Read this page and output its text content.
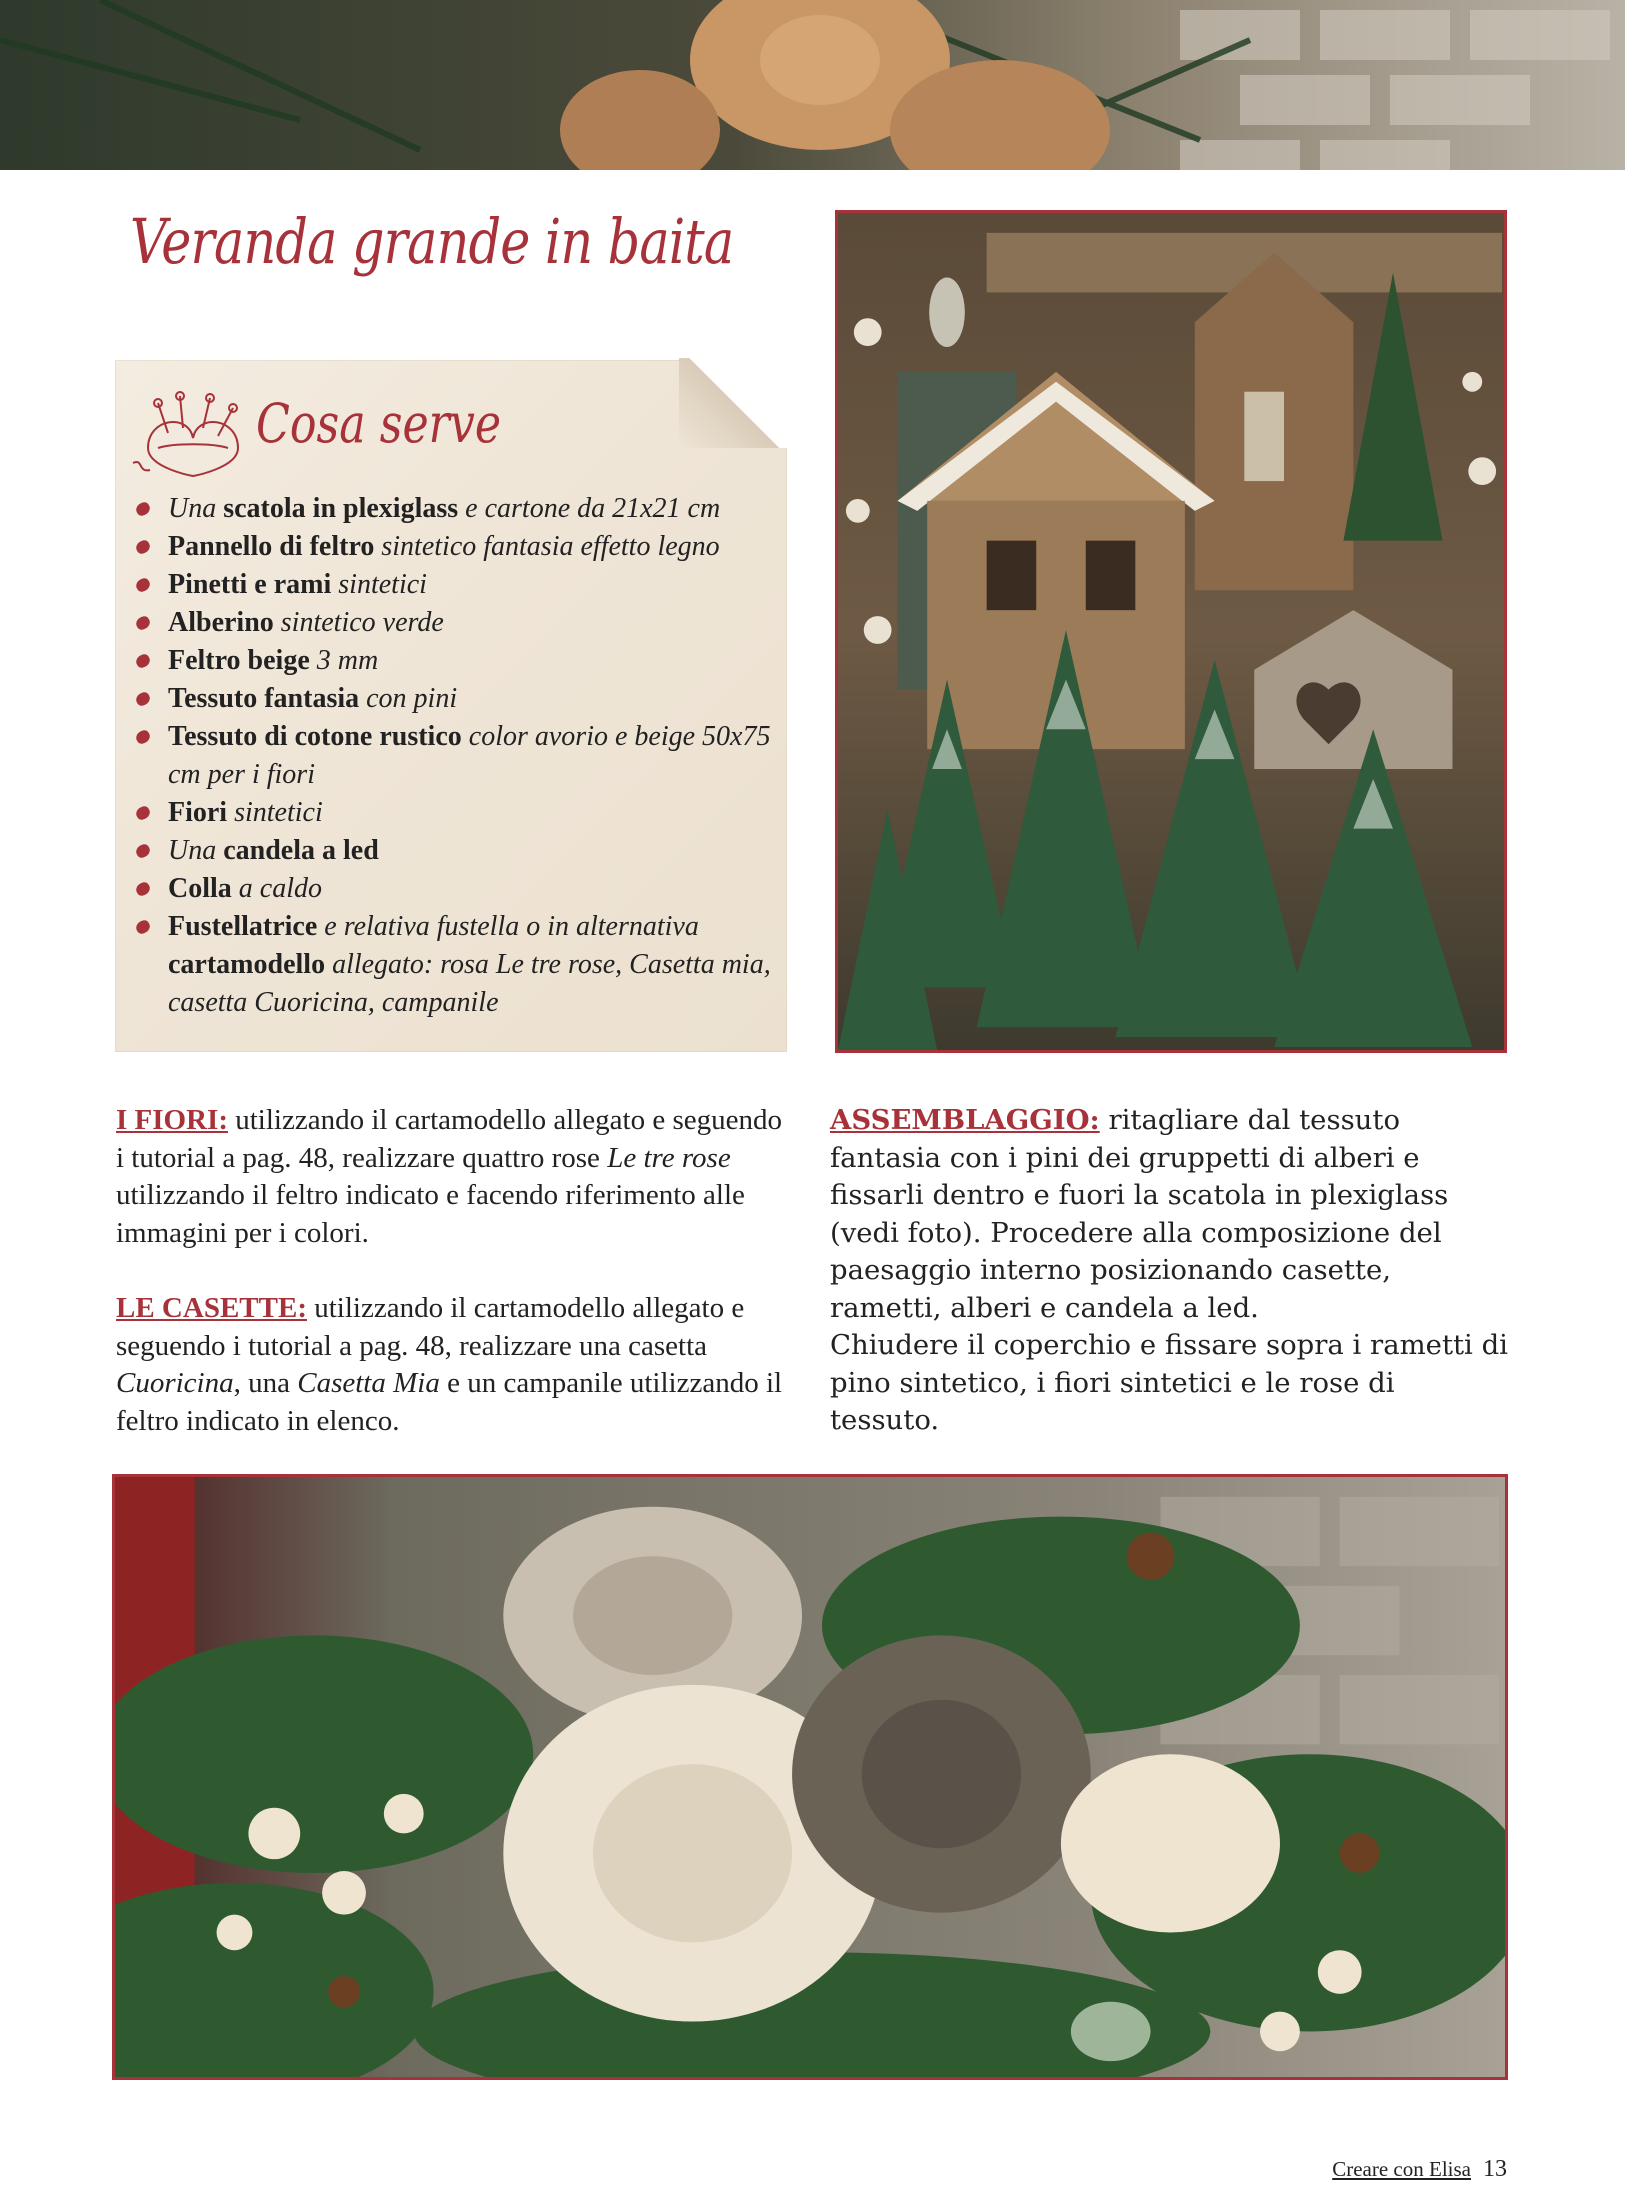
Veranda grande in baita
Cosa serve
Una scatola in plexiglass e cartone da 21x21 cm
Pannello di feltro sintetico fantasia effetto legno
Pinetti e rami sintetici
Alberino sintetico verde
Feltro beige 3 mm
Tessuto fantasia con pini
Tessuto di cotone rustico color avorio e beige 50x75 cm per i fiori
Fiori sintetici
Una candela a led
Colla a caldo
Fustellatrice e relativa fustella o in alternativa cartamodello allegato: rosa Le tre rose, Casetta mia, casetta Cuoricina, campanile

I FIORI: utilizzando il cartamodello allegato e seguendo i tutorial a pag. 48, realizzare quattro rose Le tre rose utilizzando il feltro indicato e facendo riferimento alle immagini per i colori.

LE CASETTE: utilizzando il cartamodello allegato e seguendo i tutorial a pag. 48, realizzare una casetta Cuoricina, una Casetta Mia e un campanile utilizzando il feltro indicato in elenco.

ASSEMBLAGGIO: ritagliare dal tessuto fantasia con i pini dei gruppetti di alberi e fissarli dentro e fuori la scatola in plexiglass (vedi foto). Procedere alla composizione del paesaggio interno posizionando casette, rametti, alberi e candela a led.

Chiudere il coperchio e fissare sopra i rametti di pino sintetico, i fiori sintetici e le rose di tessuto.

Creare con Elisa 13
